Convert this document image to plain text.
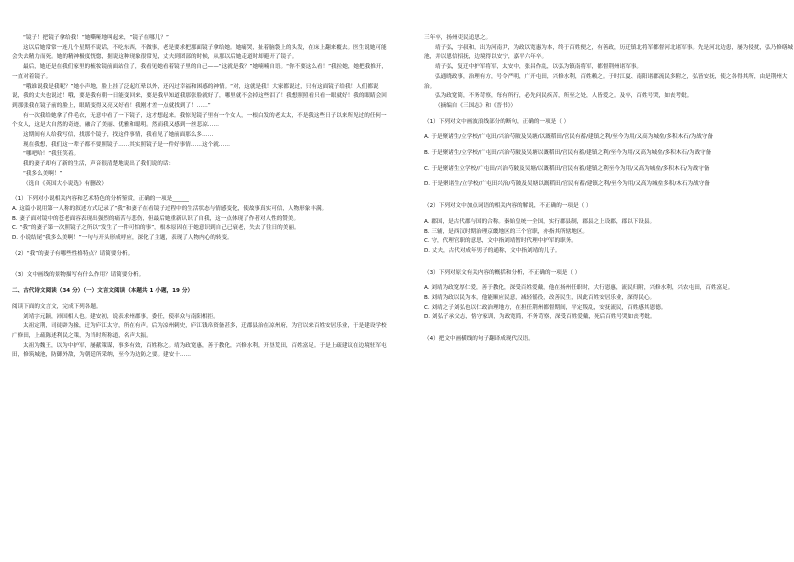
“镜子！把镜子拿给我！”她嘶哑地叫起来，“镜子在哪儿？”

这以后她常常一连几个星期不说话，不吃东西，不做事，老是要求把那面镜子拿给她。她痛哭，扯着脑袋上的头发，在床上翻来覆去。医生说她可能会失去精力而死。她的精神极度恍惚，据说这种现象很常见，丈夫到团部的时候，从那以后她走道时却避开了镜子。

最后，她还是在我们家里的梳妆镜前面站住了，我看见她看着镜子里的自己——“这就是我？”她喃喃自语。“你不要这么看！”我拉她，她把我推开，一直对着镜子。

“哦谁说我是我呢？”她小声地，脸上挂了泛起红晕以外，还闪过幸福和困惑的神情。“对，这就是我！大家都说过，只有这面镜子给我！人们都说说，我的丈夫也说过！哦，要是我有朝一日能变回来，要是我早知道我那张脸就好了，哪里就不会掉这些泪了！我想照照看只看一眼就好！我的眼睛会回到那张我在镜子前的脸上，眼睛变得又亮又好看！我刚才差一点就找到了！……”

有一次我给她拿了件毛衣，无意中看了一下镜子，这才想起来。我惊见镜子里有一个女人，一根白发的老太太，不是我这些日子以来所见过的任何一个女人，这是大自然的奇迹，融合了美丽、优雅和聪明。然而我又感到一丝悲凉……

这期间有人给我写信，找那个镜子，找这件事情，我看见了她前面那么多……

现在我想，我们这一辈子都不要照镜子……其实照镜子是一件好事情……这个就……

“哪吧哈！”我狂笑着。

我的妻子却有了新的生活，声音很清楚地说出了我们说的话：

“我多么美啊！”

（选自《英国大小说选》有删改）

（1）下列对小说相关内容和艺术特色的分析鉴赏，正确的一项是______

A. 这篇小说用第一人称的叙述方式记录了“我”和妻子在看镜子过程中的生活状态与情感变化，使故事真实可信，人物形象丰满。

B. 妻子面对镜中的苍老面容表现出强烈的痛苦与悲伤，但最后她重新认识了自我，这一点体现了作者对人性的赞美。

C. “我”的妻子第一次照镜子之所以“发生了一件可怕的事”，根本原因在于她意识到自己已衰老，失去了往日的美丽。

D. 小说结尾“我多么美啊！”一句与开头形成呼应，深化了主题，表现了人物内心的转变。

（2）“我”的妻子有哪些性格特点？请简要分析。

（3）文中画线的景物描写有什么作用？请简要分析。

二、古代诗文阅读（34 分）（一）文言文阅读（本题共 1 小题，19 分）

阅读下面的文言文，完成下列各题。

刘靖字元颖，沛国相人也。建安初，说表求州郡事，委任，使率众与南阳相拒。

太祖定荆，司徒辟为掾，迁为庐江太守，所在有声。后为凉州刺史，庐江钱帛资备甚多，迁郡县治在凉州府，为官以来百姓安居乐业，于是建设学校广修田，上疏陈述利民之策，为当时所称道，名声大振。

太祖为魏王，以为中护军，屡献策谋，事多有效，百姓称之。靖为政宽惠，善于教化，兴修水利，开垦荒田，百姓富足。于是上疏建议在边境驻军屯田，修筑城池，防御外敌，为朝廷所采纳，至今为边防之要。建安十……

三年卒，扬州吏民追思之。

靖子弘，字叔和，出为河南尹，为政以宽惠为本，终于百姓便之，有善政，历迁镇北将军都督河北诸军事。先是河北边患，屡为侵扰，弘乃修缮城池，并以恩信招抚，边境得以安宁，嘉平六年卒。

靖子弘，复迁中护军将军，太安中，张昌作乱，以弘为镇南将军，都督荆州诸军事。

弘通晓政事，治理有方，号令严明，广开屯田，兴修水利，百姓赖之。于时江夏、南阳诸郡流民多附之，弘皆安抚，使之各得其所，由是荆州大治。

弘为政宽简，不务苛察，每有所行，必先问民疾苦，所至之处，人皆爱之。及卒，百姓号哭，如丧考妣。

（摘编自《三国志》和《晋书》）

（1）下列对文中画波浪线部分的断句，正确的一项是（ ）

A. 于是聚诸生/立学校/广屯田/兴治芍陂及吴塘/以溉稻田/官民有蓄/建镇之利/至今为用/又高为城垒/多积木石/为战守备

B. 于是聚诸生/立学校/广屯田/兴治芍陂及吴塘以溉稻田/官民有蓄/建镇之利/至今为用/又高为城垒/多积木石/为战守备

C. 于是聚诸生立学校/广屯田/兴治芍陂及吴塘/以溉稻田/官民有蓄/建镇之利至今为用/又高为城垒/多积木石/为战守备

D. 于是聚诸生/立学校/广屯田兴治/芍陂及吴塘以溉稻田/官民有蓄/建镇之利/至今为用/又高为城垒多积/木石为战守备

（2）下列对文中加点词语的相关内容的解说，不正确的一项是（ ）

A. 郡国，是古代郡与国的合称。秦始皇统一全国，实行郡县制，郡县之上设郡，郡以下设县。

B. 三辅，是西汉时期治理京畿地区的三个官职，亦指其所辖地区。

C. 守，代理官职的意思，文中指刘靖暂时代理中护军的职务。

D. 丈夫，古代对成年男子的通称，文中指刘靖的儿子。

（3）下列对原文有关内容的概括和分析，不正确的一项是（ ）

A. 刘靖为政宽厚仁爱，善于教化，深受百姓爱戴，他在扬州任职时，大行恩惠，流民归附，兴修水利，兴农屯田，百姓富足。

B. 刘靖为政以民为本，他能顺应民意，减轻徭役，改善民生，因此百姓安居乐业，深得民心。

C. 刘靖之子刘弘也以仁政治理地方，在担任荆州都督期间，平定叛乱，安抚流民，百姓感其恩德。

D. 刘弘子承父志，恪守家训，为政宽简，不务苛察，深受百姓爱戴，死后百姓号哭如丧考妣。

（4）把文中画横线的句子翻译成现代汉语。
